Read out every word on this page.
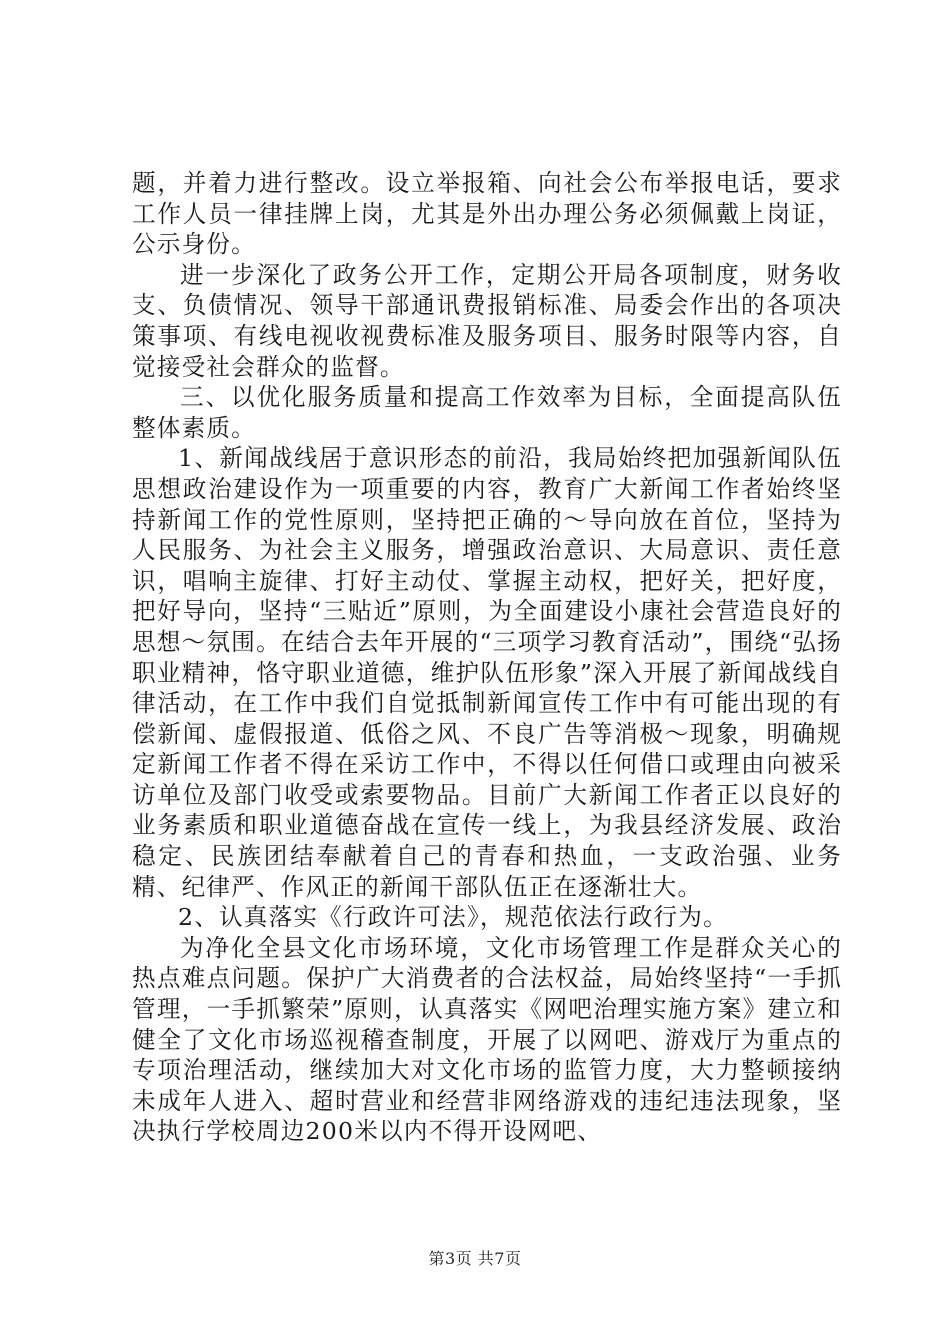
题，并着力进行整改。设立举报箱、向社会公布举报电话，要求工作人员一律挂牌上岗，尤其是外出办理公务必须佩戴上岗证，公示身份。

进一步深化了政务公开工作，定期公开局各项制度，财务收支、负债情况、领导干部通讯费报销标准、局委会作出的各项决策事项、有线电视收视费标准及服务项目、服务时限等内容，自觉接受社会群众的监督。

三、以优化服务质量和提高工作效率为目标，全面提高队伍整体素质。

1、新闻战线居于意识形态的前沿，我局始终把加强新闻队伍思想政治建设作为一项重要的内容，教育广大新闻工作者始终坚持新闻工作的党性原则，坚持把正确的～导向放在首位，坚持为人民服务、为社会主义服务，增强政治意识、大局意识、责任意识，唱响主旋律、打好主动仗、掌握主动权，把好关，把好度，把好导向，坚持“三贴近”原则，为全面建设小康社会营造良好的思想～氛围。在结合去年开展的“三项学习教育活动”，围绕“弘扬职业精神，恪守职业道德，维护队伍形象”深入开展了新闻战线自律活动，在工作中我们自觉抵制新闻宣传工作中有可能出现的有偿新闻、虚假报道、低俗之风、不良广告等消极～现象，明确规定新闻工作者不得在采访工作中，不得以任何借口或理由向被采访单位及部门收受或索要物品。目前广大新闻工作者正以良好的业务素质和职业道德奋战在宣传一线上，为我县经济发展、政治稳定、民族团结奉献着自己的青春和热血，一支政治强、业务精、纪律严、作风正的新闻干部队伍正在逐渐壮大。

2、认真落实《行政许可法》，规范依法行政行为。

为净化全县文化市场环境，文化市场管理工作是群众关心的热点难点问题。保护广大消费者的合法权益，局始终坚持“一手抓管理，一手抓繁荣”原则，认真落实《网吧治理实施方案》建立和健全了文化市场巡视稽查制度，开展了以网吧、游戏厅为重点的专项治理活动，继续加大对文化市场的监管力度，大力整顿接纳未成年人进入、超时营业和经营非网络游戏的违纪违法现象，坚决执行学校周边200米以内不得开设网吧、

第3页 共7页
